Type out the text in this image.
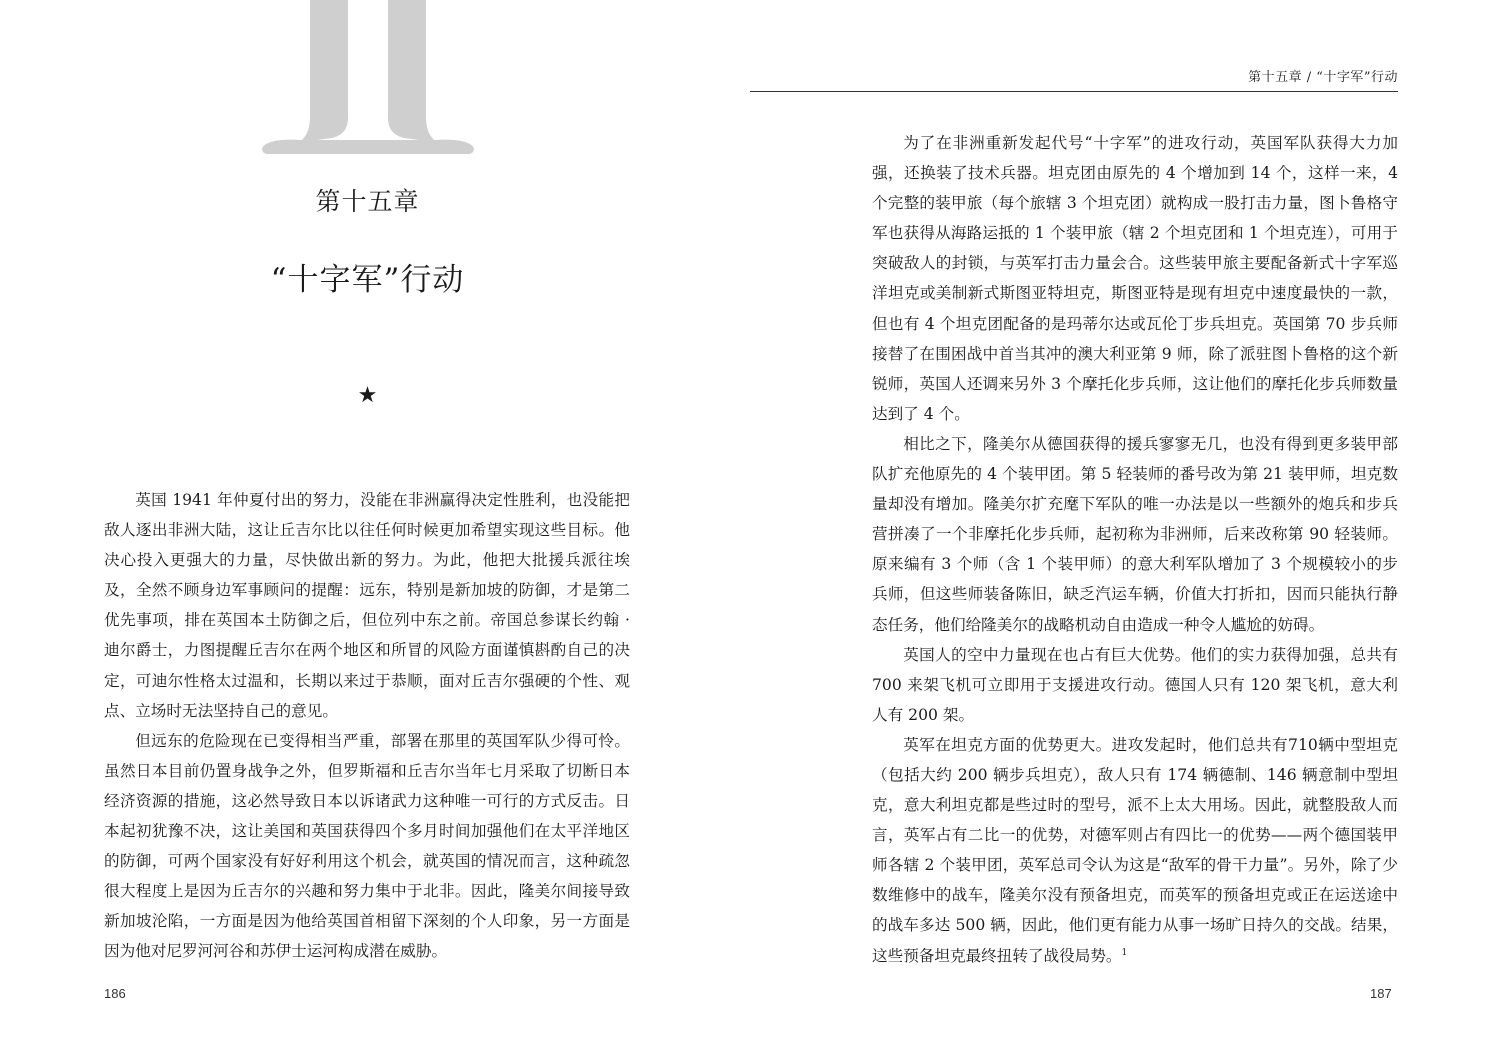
第十五章
“十字军”行动
★

英国 1941 年仲夏付出的努力，没能在非洲赢得决定性胜利，也没能把敌人逐出非洲大陆，这让丘吉尔比以往任何时候更加希望实现这些目标。他决心投入更强大的力量，尽快做出新的努力。为此，他把大批援兵派往埃及，全然不顾身边军事顾问的提醒：远东，特别是新加坡的防御，才是第二优先事项，排在英国本土防御之后，但位列中东之前。帝国总参谋长约翰 · 迪尔爵士，力图提醒丘吉尔在两个地区和所冒的风险方面谨慎斟酌自己的决定，可迪尔性格太过温和，长期以来过于恭顺，面对丘吉尔强硬的个性、观点、立场时无法坚持自己的意见。

但远东的危险现在已变得相当严重，部署在那里的英国军队少得可怜。虽然日本目前仍置身战争之外，但罗斯福和丘吉尔当年七月采取了切断日本经济资源的措施，这必然导致日本以诉诸武力这种唯一可行的方式反击。日本起初犹豫不决，这让美国和英国获得四个多月时间加强他们在太平洋地区的防御，可两个国家没有好好利用这个机会，就英国的情况而言，这种疏忽很大程度上是因为丘吉尔的兴趣和努力集中于北非。因此，隆美尔间接导致新加坡沦陷，一方面是因为他给英国首相留下深刻的个人印象，另一方面是因为他对尼罗河河谷和苏伊士运河构成潜在威胁。

186
第十五章 / “十字军”行动

为了在非洲重新发起代号“十字军”的进攻行动，英国军队获得大力加强，还换装了技术兵器。坦克团由原先的 4 个增加到 14 个，这样一来，4 个完整的装甲旅（每个旅辖 3 个坦克团）就构成一股打击力量，图卜鲁格守军也获得从海路运抵的 1 个装甲旅（辖 2 个坦克团和 1 个坦克连），可用于突破敌人的封锁，与英军打击力量会合。这些装甲旅主要配备新式十字军巡洋坦克或美制新式斯图亚特坦克，斯图亚特是现有坦克中速度最快的一款，但也有 4 个坦克团配备的是玛蒂尔达或瓦伦丁步兵坦克。英国第 70 步兵师接替了在围困战中首当其冲的澳大利亚第 9 师，除了派驻图卜鲁格的这个新锐师，英国人还调来另外 3 个摩托化步兵师，这让他们的摩托化步兵师数量达到了 4 个。

相比之下，隆美尔从德国获得的援兵寥寥无几，也没有得到更多装甲部队扩充他原先的 4 个装甲团。第 5 轻装师的番号改为第 21 装甲师，坦克数量却没有增加。隆美尔扩充麾下军队的唯一办法是以一些额外的炮兵和步兵营拼凑了一个非摩托化步兵师，起初称为非洲师，后来改称第 90 轻装师。原来编有 3 个师（含 1 个装甲师）的意大利军队增加了 3 个规模较小的步兵师，但这些师装备陈旧，缺乏汽运车辆，价值大打折扣，因而只能执行静态任务，他们给隆美尔的战略机动自由造成一种令人尴尬的妨碍。

英国人的空中力量现在也占有巨大优势。他们的实力获得加强，总共有 700 来架飞机可立即用于支援进攻行动。德国人只有 120 架飞机，意大利人有 200 架。

英军在坦克方面的优势更大。进攻发起时，他们总共有710辆中型坦克（包括大约 200 辆步兵坦克），敌人只有 174 辆德制、146 辆意制中型坦克，意大利坦克都是些过时的型号，派不上太大用场。因此，就整股敌人而言，英军占有二比一的优势，对德军则占有四比一的优势——两个德国装甲师各辖 2 个装甲团，英军总司令认为这是“敌军的骨干力量”。另外，除了少数维修中的战车，隆美尔没有预备坦克，而英军的预备坦克或正在运送途中的战车多达 500 辆，因此，他们更有能力从事一场旷日持久的交战。结果，这些预备坦克最终扭转了战役局势。$^1$

187
